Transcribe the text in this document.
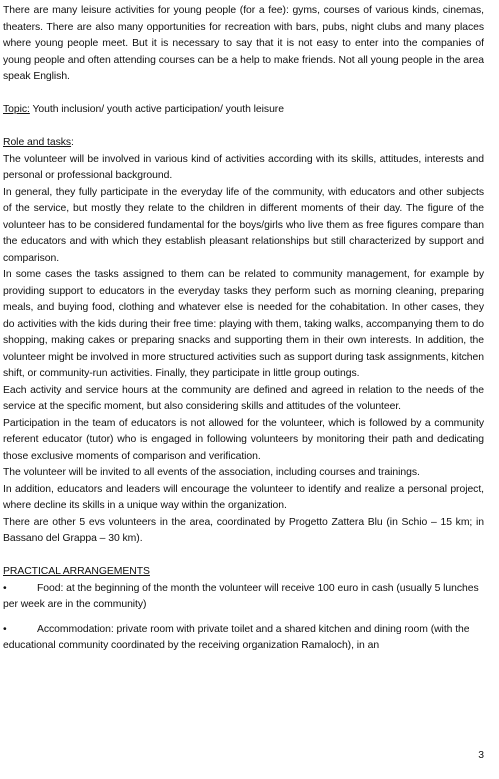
There are many leisure activities for young people (for a fee): gyms, courses of various kinds, cinemas, theaters. There are also many opportunities for recreation with bars, pubs, night clubs and many places where young people meet. But it is necessary to say that it is not easy to enter into the companies of young people and often attending courses can be a help to make friends. Not all young people in the area speak English.

Topic: Youth inclusion/ youth active participation/ youth leisure

Role and tasks:

The volunteer will be involved in various kind of activities according with its skills, attitudes, interests and personal or professional background.

In general, they fully participate in the everyday life of the community, with educators and other subjects of the service, but mostly they relate to the children in different moments of their day. The figure of the volunteer has to be considered fundamental for the boys/girls who live them as free figures compare than the educators and with which they establish pleasant relationships but still characterized by support and comparison.

In some cases the tasks assigned to them can be related to community management, for example by providing support to educators in the everyday tasks they perform such as morning cleaning, preparing meals, and buying food, clothing and whatever else is needed for the cohabitation. In other cases, they do activities with the kids during their free time: playing with them, taking walks, accompanying them to do shopping, making cakes or preparing snacks and supporting them in their own interests. In addition, the volunteer might be involved in more structured activities such as support during task assignments, kitchen shift, or community-run activities. Finally, they participate in little group outings.

Each activity and service hours at the community are defined and agreed in relation to the needs of the service at the specific moment, but also considering skills and attitudes of the volunteer.

Participation in the team of educators is not allowed for the volunteer, which is followed by a community referent educator (tutor) who is engaged in following volunteers by monitoring their path and dedicating those exclusive moments of comparison and verification.

The volunteer will be invited to all events of the association, including courses and trainings.

In addition, educators and leaders will encourage the volunteer to identify and realize a personal project, where decline its skills in a unique way within the organization.

There are other 5 evs volunteers in the area, coordinated by Progetto Zattera Blu (in Schio – 15 km; in Bassano del Grappa – 30 km).

PRACTICAL ARRANGEMENTS

•	Food: at the beginning of the month the volunteer will receive 100 euro in cash (usually 5 lunches per week are in the community)

•	Accommodation: private room with private toilet and a shared kitchen and dining room (with the educational community coordinated by the receiving organization Ramaloch), in an

3
